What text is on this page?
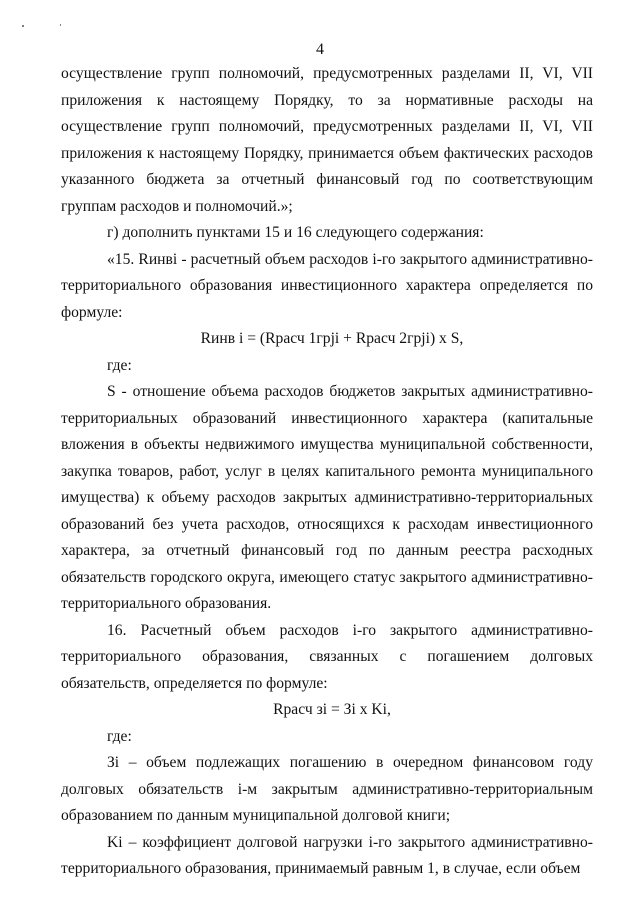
4

осуществление групп полномочий, предусмотренных разделами II, VI, VII приложения к настоящему Порядку, то за нормативные расходы на осуществление групп полномочий, предусмотренных разделами II, VI, VII приложения к настоящему Порядку, принимается объем фактических расходов указанного бюджета за отчетный финансовый год по соответствующим группам расходов и полномочий.»;

г) дополнить пунктами 15 и 16 следующего содержания:

«15. Rинвi - расчетный объем расходов i-го закрытого административно-территориального образования инвестиционного характера определяется по формуле:

Rинв i = (Rрасч 1грji + Rрасч 2грji) x S,

где:

S - отношение объема расходов бюджетов закрытых административно-территориальных образований инвестиционного характера (капитальные вложения в объекты недвижимого имущества муниципальной собственности, закупка товаров, работ, услуг в целях капитального ремонта муниципального имущества) к объему расходов закрытых административно-территориальных образований без учета расходов, относящихся к расходам инвестиционного характера, за отчетный финансовый год по данным реестра расходных обязательств городского округа, имеющего статус закрытого административно-территориального образования.

16. Расчетный объем расходов i-го закрытого административно-территориального образования, связанных с погашением долговых обязательств, определяется по формуле:

Rрасч зi = Зi x Ki,

где:

Зi – объем подлежащих погашению в очередном финансовом году долговых обязательств i-м закрытым административно-территориальным образованием по данным муниципальной долговой книги;

Ki – коэффициент долговой нагрузки i-го закрытого административно-территориального образования, принимаемый равным 1, в случае, если объем
